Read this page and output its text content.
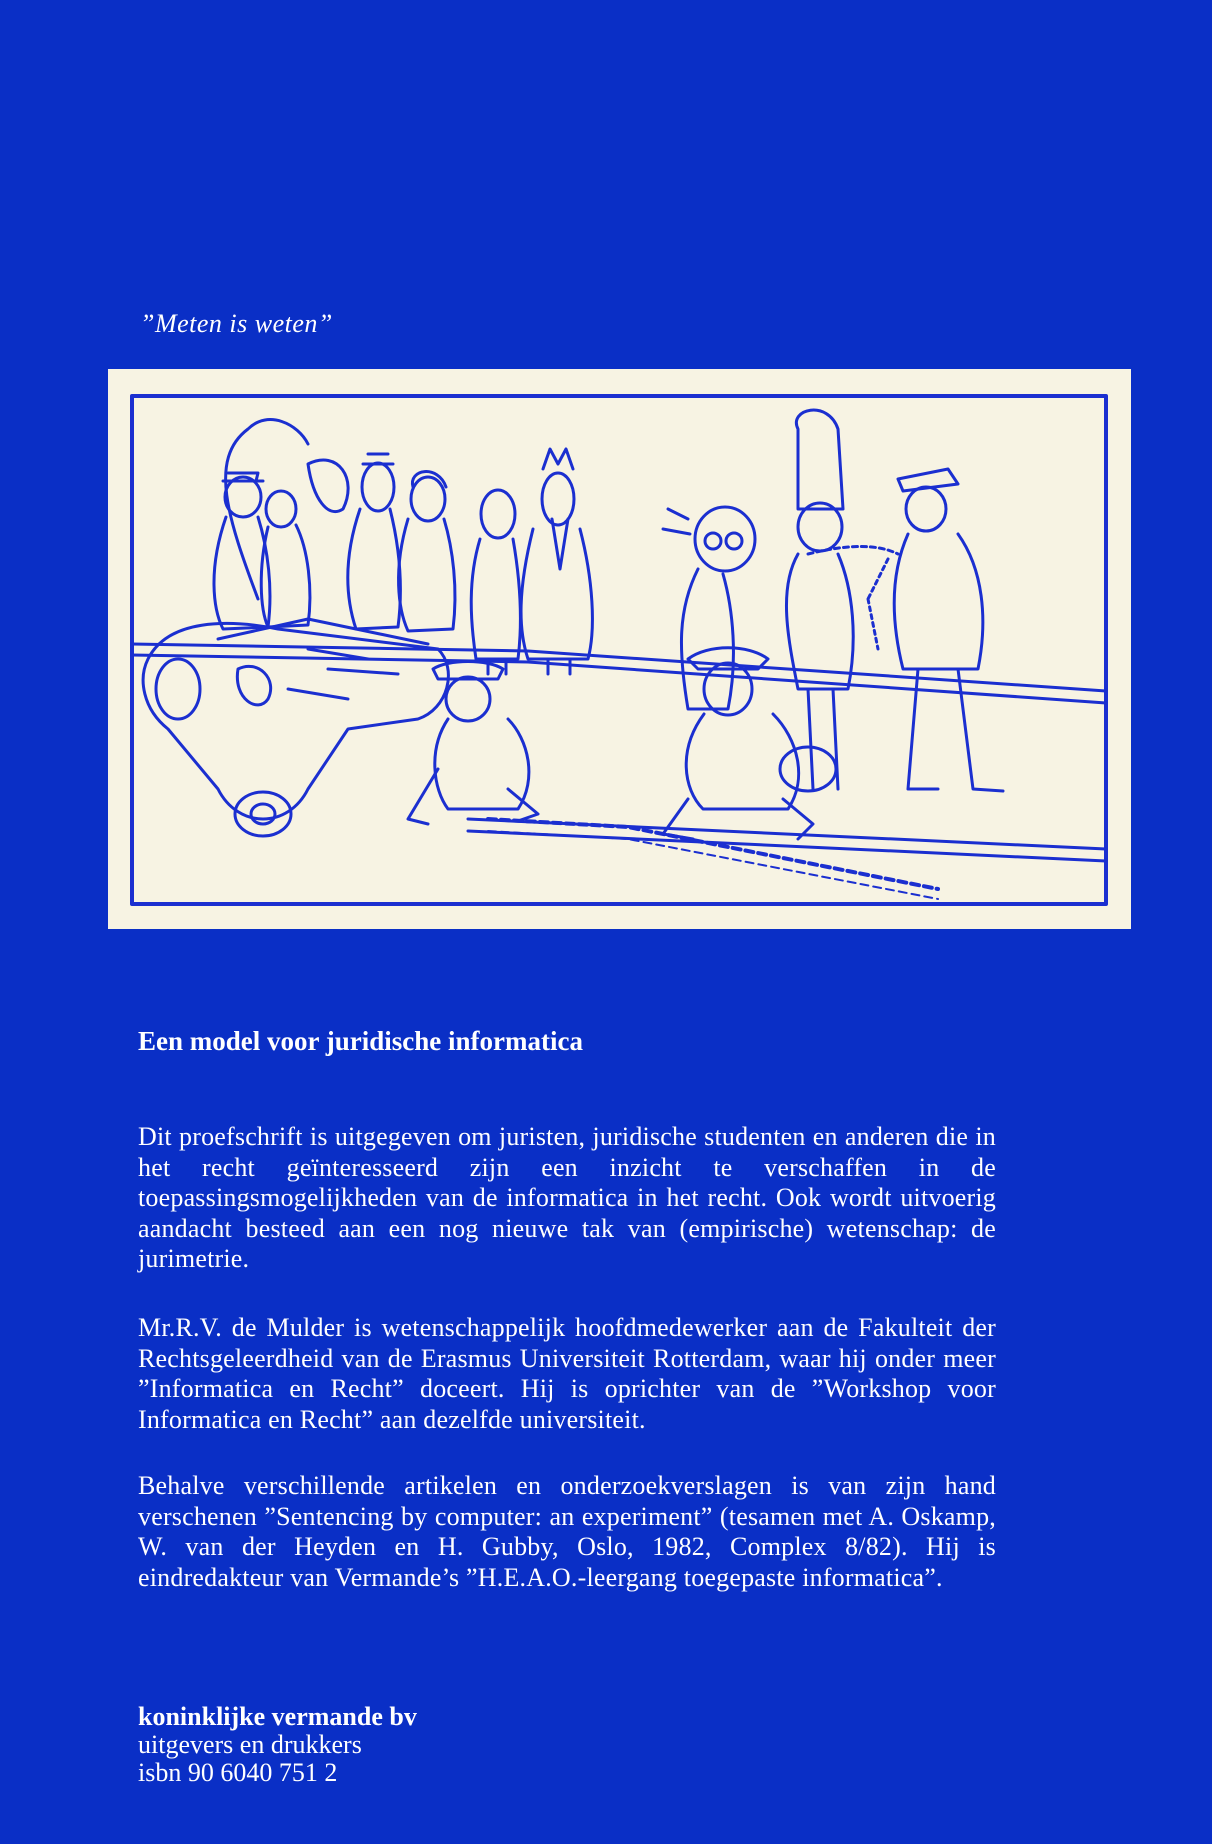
”Meten is weten”
Een model voor juridische informatica
Dit proefschrift is uitgegeven om juristen, juridische studenten en anderen die in het recht geïnteresseerd zijn een inzicht te verschaffen in de toepassingsmogelijkheden van de informatica in het recht. Ook wordt uitvoerig aandacht besteed aan een nog nieuwe tak van (empirische) wetenschap: de jurimetrie.
Mr.R.V. de Mulder is wetenschappelijk hoofdmedewerker aan de Fakulteit der Rechtsgeleerdheid van de Erasmus Universiteit Rotterdam, waar hij onder meer ”Informatica en Recht” doceert. Hij is oprichter van de ”Workshop voor Informatica en Recht” aan dezelfde universiteit.
Behalve verschillende artikelen en onderzoekverslagen is van zijn hand verschenen ”Sentencing by computer: an experiment” (tesamen met A. Oskamp, W. van der Heyden en H. Gubby, Oslo, 1982, Complex 8/82). Hij is eindredakteur van Vermande’s ”H.E.A.O.-leergang toegepaste informatica”.
koninklijke vermande bv
uitgevers en drukkers
isbn 90 6040 751 2
